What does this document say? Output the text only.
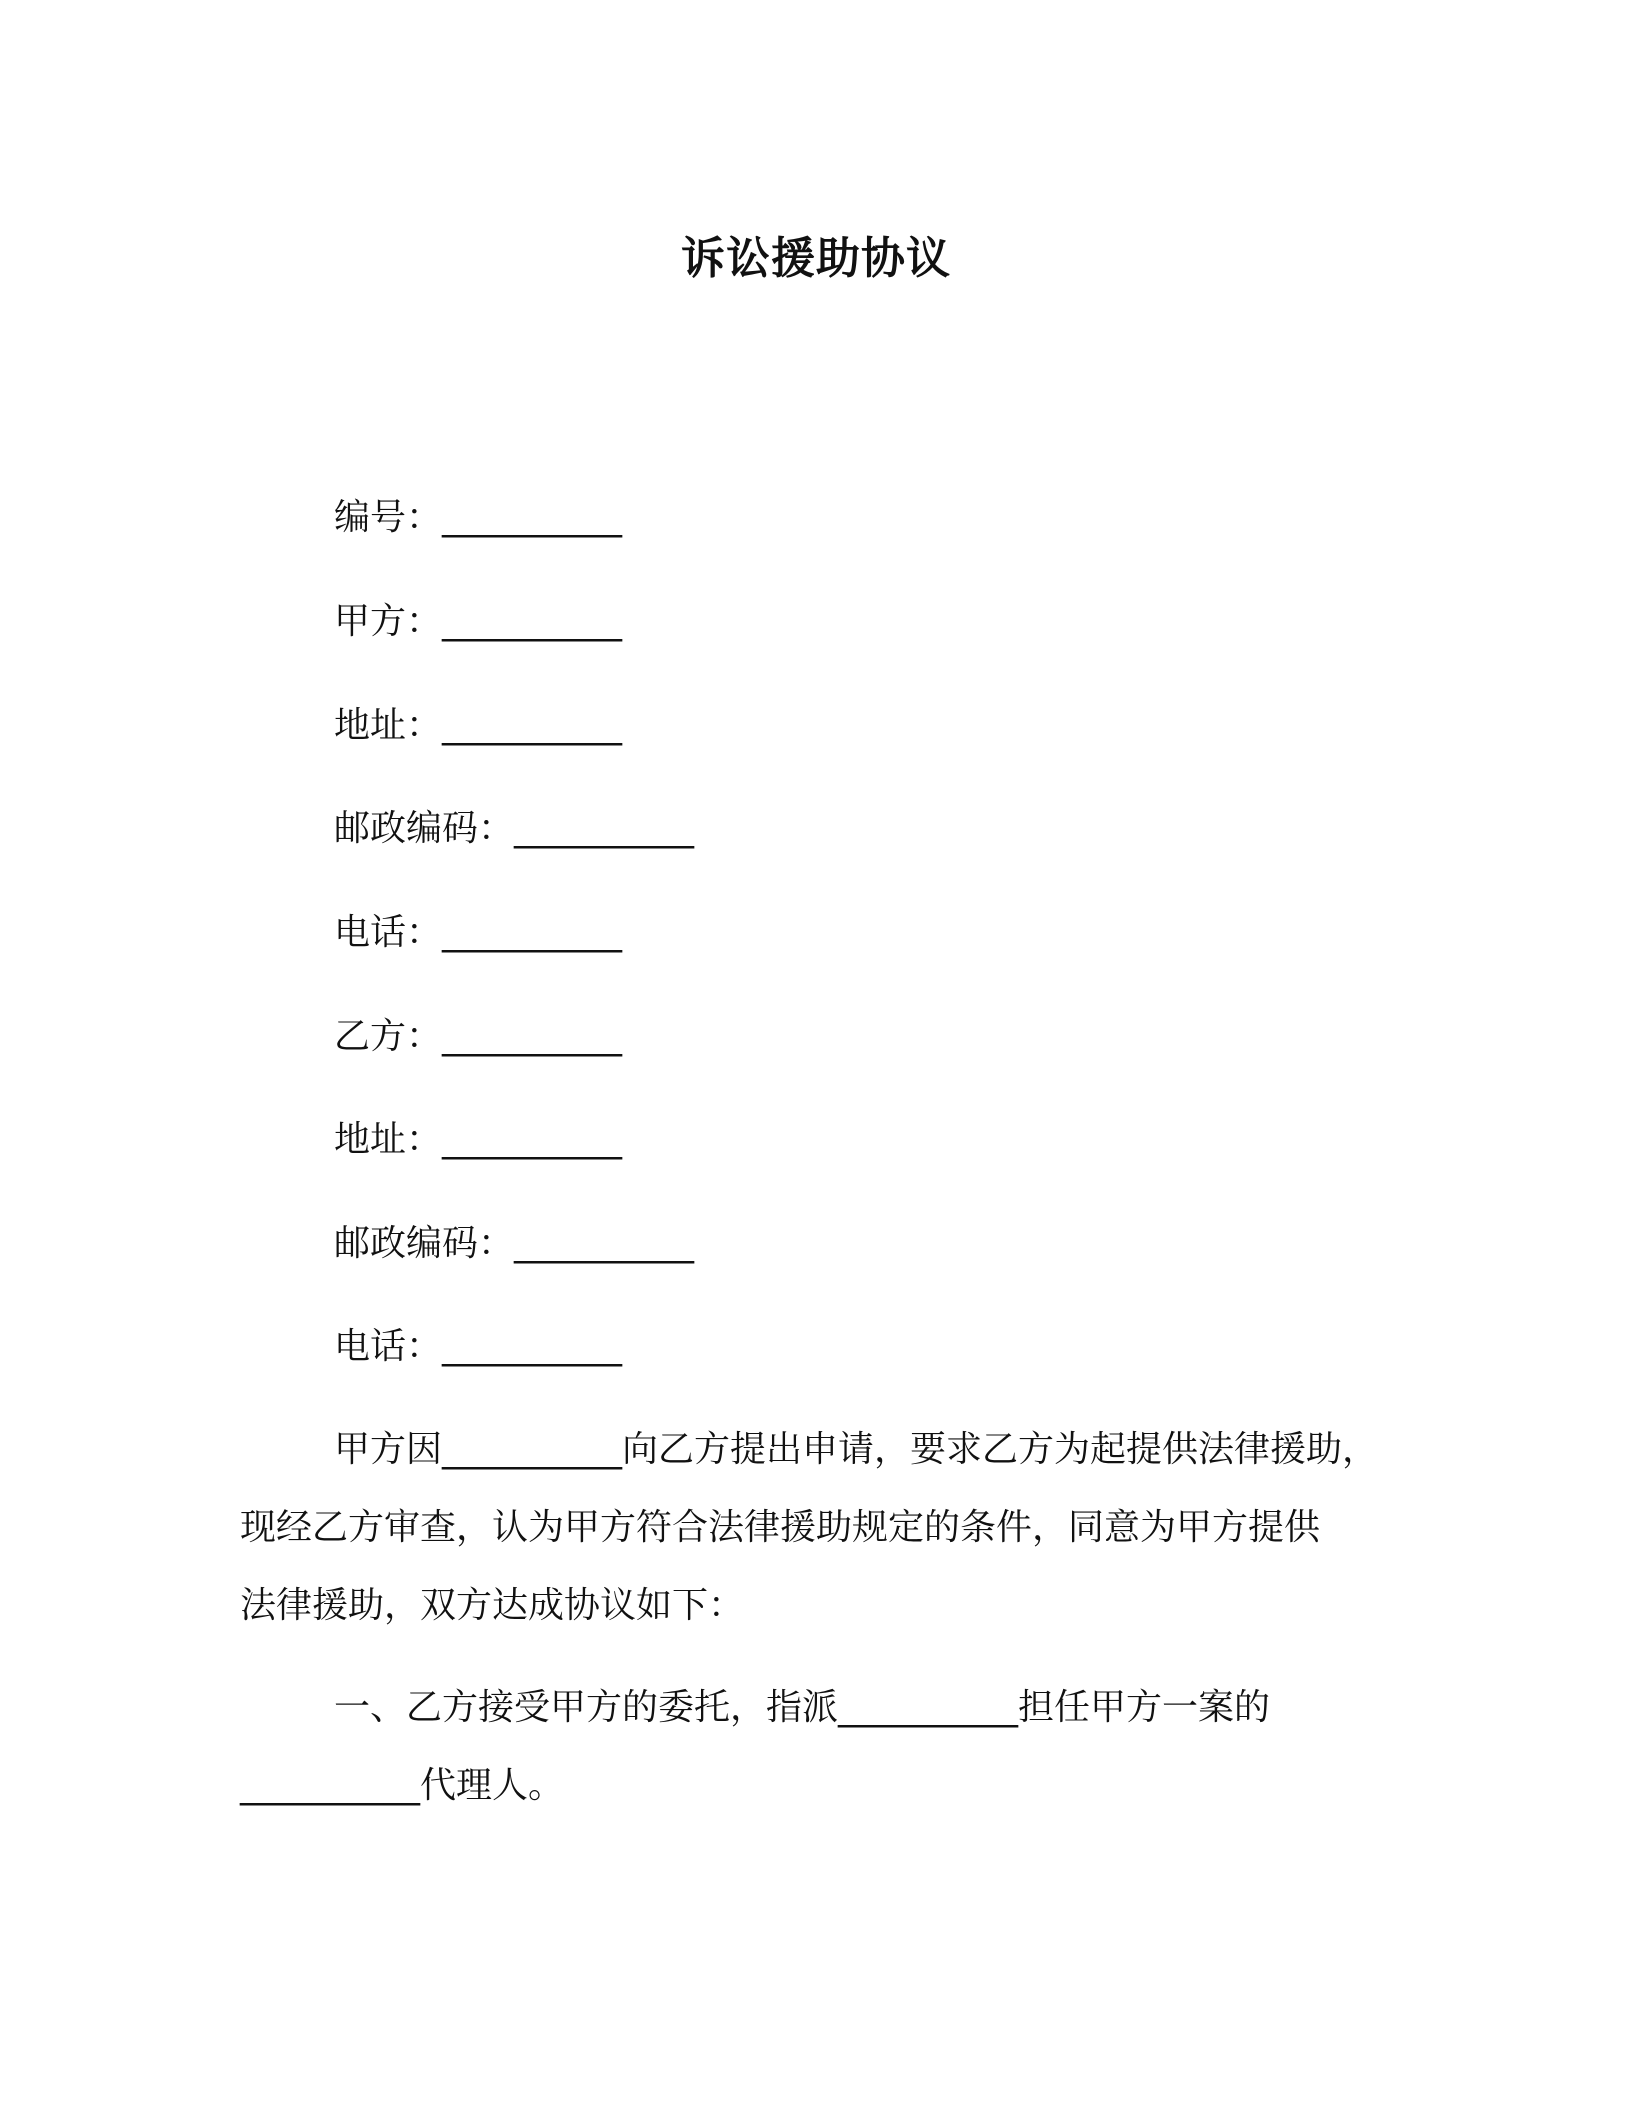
诉讼援助协议
编号：__________
甲方：__________
地址：__________
邮政编码：__________
电话：__________
乙方：__________
地址：__________
邮政编码：__________
电话：__________
甲方因__________向乙方提出申请，要求乙方为起提供法律援助，
现经乙方审查，认为甲方符合法律援助规定的条件，同意为甲方提供
法律援助，双方达成协议如下：
一、乙方接受甲方的委托，指派__________担任甲方一案的
__________代理人。
